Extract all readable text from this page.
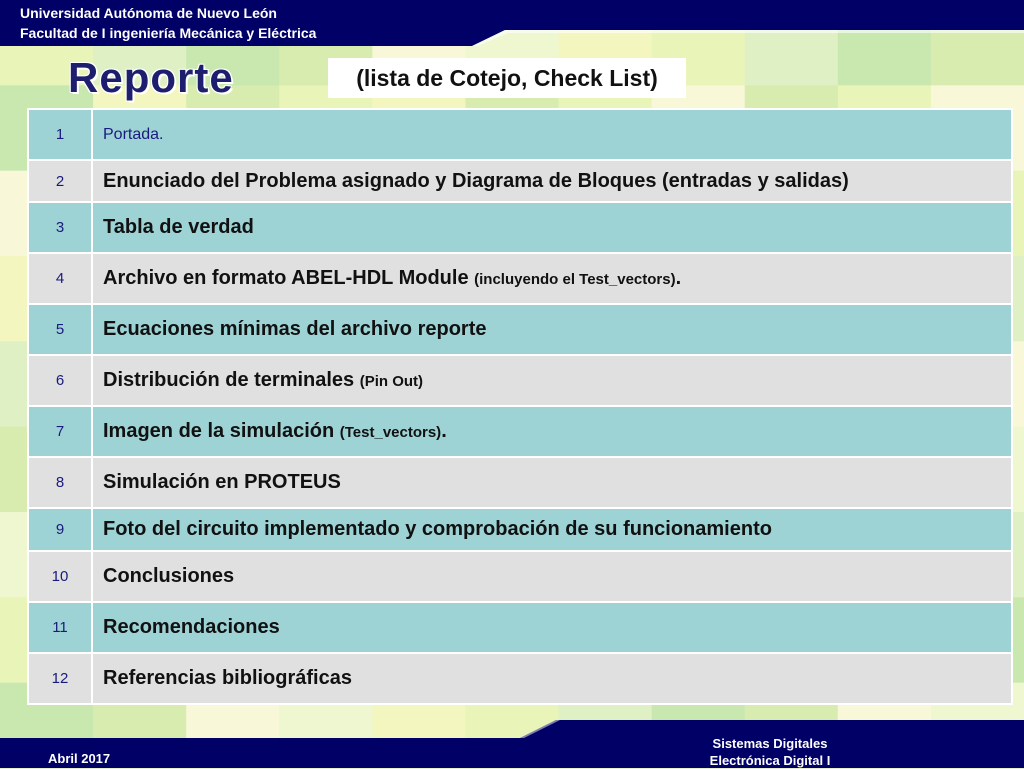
Universidad Autónoma de Nuevo León
Facultad de I ingeniería Mecánica y Eléctrica
Reporte	(lista de Cotejo, Check List)
1	Portada.
2	Enunciado del Problema asignado y Diagrama de Bloques (entradas y salidas)
3	Tabla de verdad
4	Archivo en formato ABEL-HDL Module (incluyendo el Test_vectors).
5	Ecuaciones mínimas del archivo reporte
6	Distribución de terminales (Pin Out)
7	Imagen de la simulación (Test_vectors).
8	Simulación en PROTEUS
9	Foto del circuito implementado y comprobación de su funcionamiento
10	Conclusiones
11	Recomendaciones
12	Referencias bibliográficas
Abril 2017
Sistemas Digitales
Electrónica Digital I
